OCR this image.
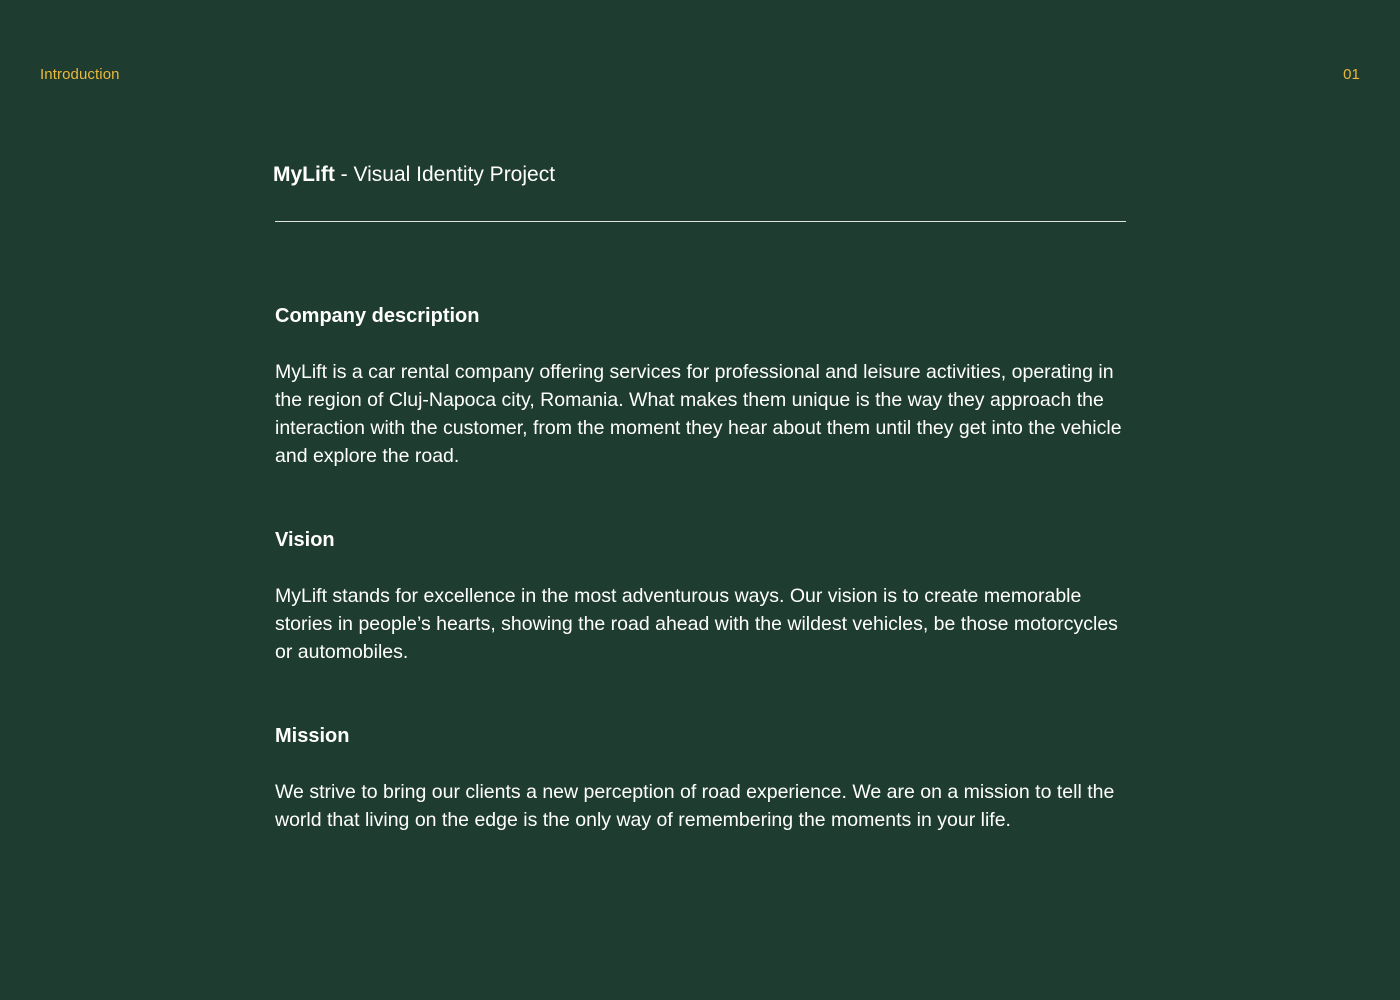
Introduction	01
MyLift - Visual Identity Project
Company description

MyLift is a car rental company offering services for professional and leisure activities, operating in the region of Cluj-Napoca city, Romania. What makes them unique is the way they approach the interaction with the customer, from the moment they hear about them until they get into the vehicle and explore the road.

Vision

MyLift stands for excellence in the most adventurous ways. Our vision is to create memorable stories in people’s hearts, showing the road ahead with the wildest vehicles, be those motorcycles or automobiles.

Mission

We strive to bring our clients a new perception of road experience. We are on a mission to tell the world that living on the edge is the only way of remembering the moments in your life.
